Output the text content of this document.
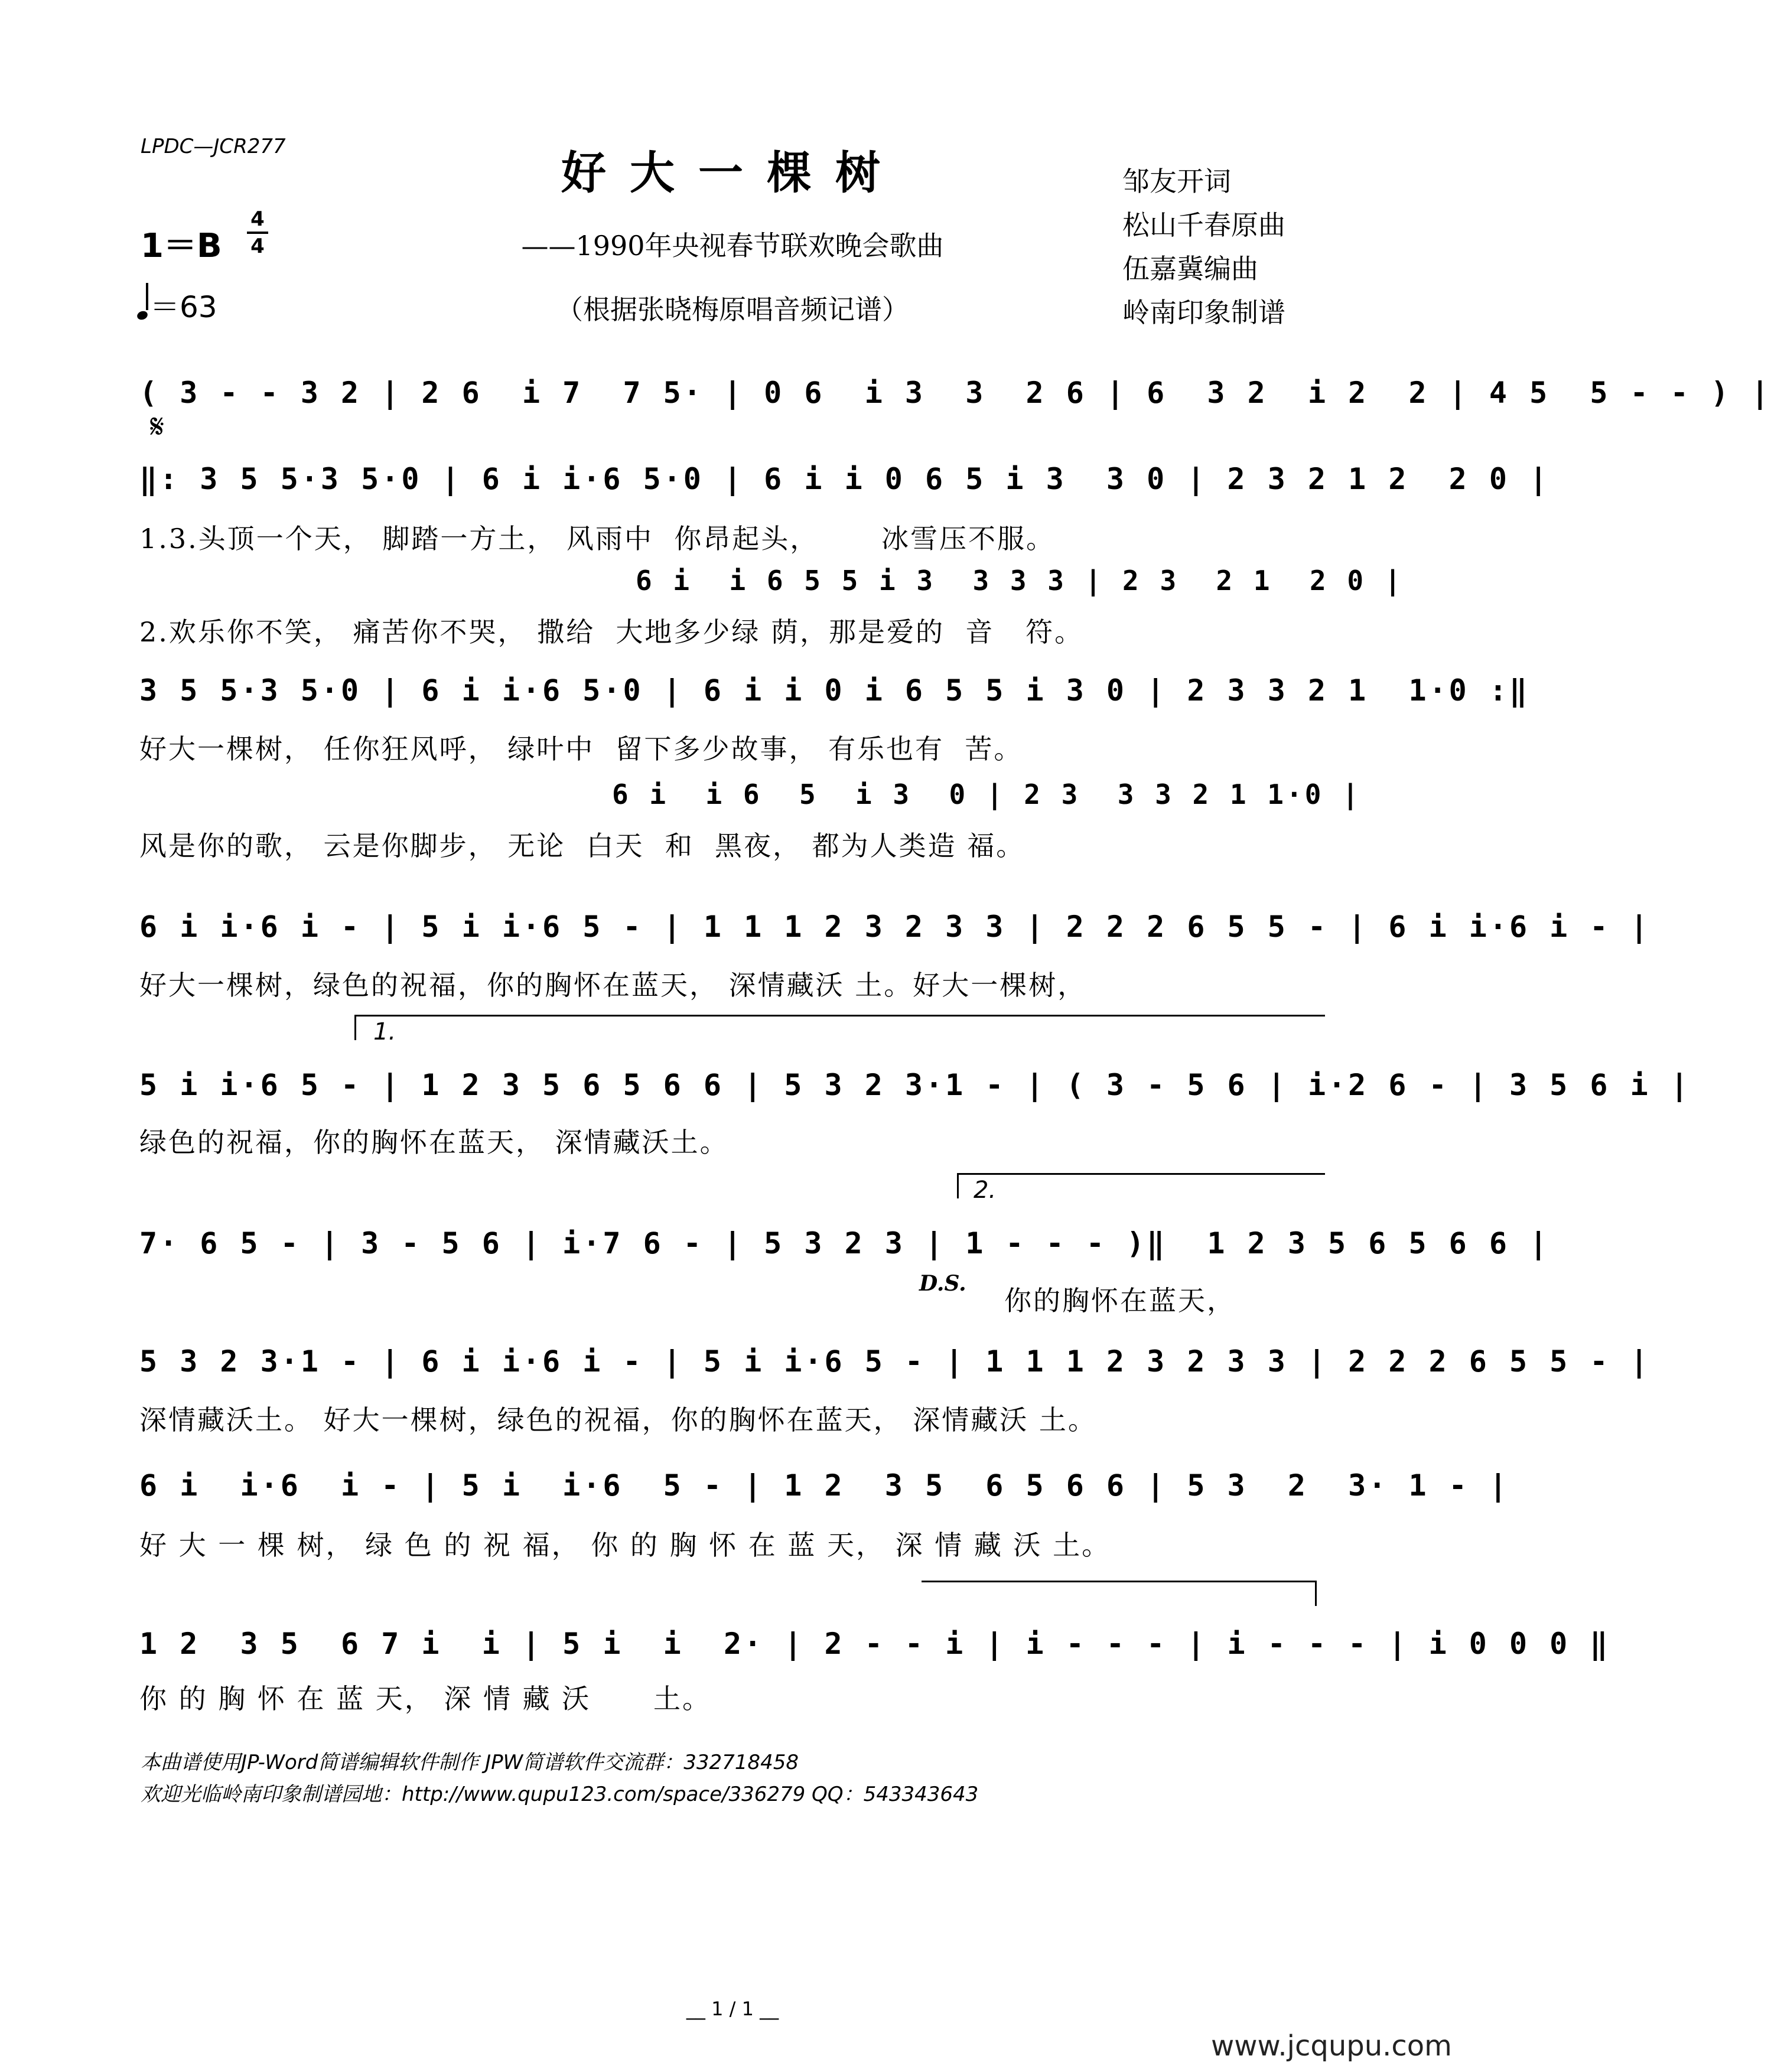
LPDC—JCR277	好大一棵树
——1990年央视春节联欢晚会歌曲
（根据张晓梅原唱音频记谱）
邹友开词
松山千春原曲
伍嘉冀编曲
岭南印象制谱
1＝B
4
4
＝63
( 3 - - 3 2 | 2 6  i 7  7 5· | 0 6  i 3  3  2 6 | 6  3 2  i 2  2 | 4 5  5 - - ) |
𝄋
‖: 3 5 5·3 5·0 | 6 i i·6 5·0 | 6 i i 0 6 5 i 3  3 0 | 2 3 2 1 2  2 0 |
1.3.头顶一个天， 脚踏一方土， 风雨中  你昂起头，      冰雪压不服。
6 i  i 6 5 5 i 3  3 3 3 | 2 3  2 1  2 0 |
2.欢乐你不笑， 痛苦你不哭， 撒给  大地多少绿 荫，那是爱的  音   符。
3 5 5·3 5·0 | 6 i i·6 5·0 | 6 i i 0 i 6 5 5 i 3 0 | 2 3 3 2 1  1·0 :‖
好大一棵树， 任你狂风呼， 绿叶中  留下多少故事， 有乐也有  苦。
6 i  i 6  5  i 3  0 | 2 3  3 3 2 1 1·0 |
风是你的歌， 云是你脚步， 无论  白天  和  黑夜， 都为人类造 福。
6 i i·6 i - | 5 i i·6 5 - | 1 1 1 2 3 2 3 3 | 2 2 2 6 5 5 - | 6 i i·6 i - |
好大一棵树，绿色的祝福，你的胸怀在蓝天， 深情藏沃 土。好大一棵树，
1.
5 i i·6 5 - | 1 2 3 5 6 5 6 6 | 5 3 2 3·1 - | ( 3 - 5 6 | i·2 6 - | 3 5 6 i |
绿色的祝福，你的胸怀在蓝天， 深情藏沃土。
2.
7· 6 5 - | 3 - 5 6 | i·7 6 - | 5 3 2 3 | 1 - - - )‖  1 2 3 5 6 5 6 6 |
D.S.
你的胸怀在蓝天，
5 3 2 3·1 - | 6 i i·6 i - | 5 i i·6 5 - | 1 1 1 2 3 2 3 3 | 2 2 2 6 5 5 - |
深情藏沃土。 好大一棵树，绿色的祝福，你的胸怀在蓝天， 深情藏沃 土。
6 i  i·6  i - | 5 i  i·6  5 - | 1 2  3 5  6 5 6 6 | 5 3  2  3· 1 - |
好 大 一 棵 树， 绿 色 的 祝 福， 你 的 胸 怀 在 蓝 天， 深 情 藏 沃 土。
1 2  3 5  6 7 i  i | 5 i  i  2· | 2 - - i | i - - - | i - - - | i 0 0 0 ‖
你 的 胸 怀 在 蓝 天， 深 情 藏 沃      土。
本曲谱使用JP-Word简谱编辑软件制作 JPW简谱软件交流群：332718458
欢迎光临岭南印象制谱园地：http://www.qupu123.com/space/336279 QQ：543343643
__ 1 / 1 __
www.jcqupu.com
